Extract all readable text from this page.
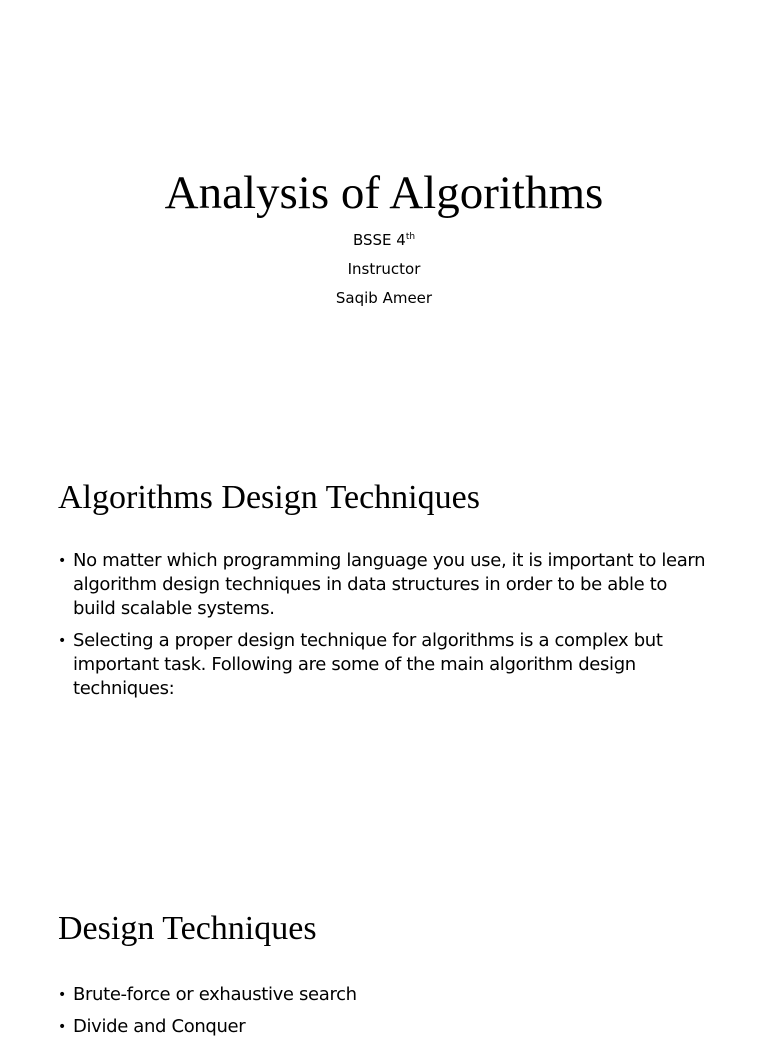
Analysis of Algorithms
BSSE 4th
Instructor
Saqib Ameer
Algorithms Design Techniques
• No matter which programming language you use, it is important to learn algorithm design techniques in data structures in order to be able to build scalable systems.
• Selecting a proper design technique for algorithms is a complex but important task. Following are some of the main algorithm design techniques:
Design Techniques
• Brute-force or exhaustive search
• Divide and Conquer
